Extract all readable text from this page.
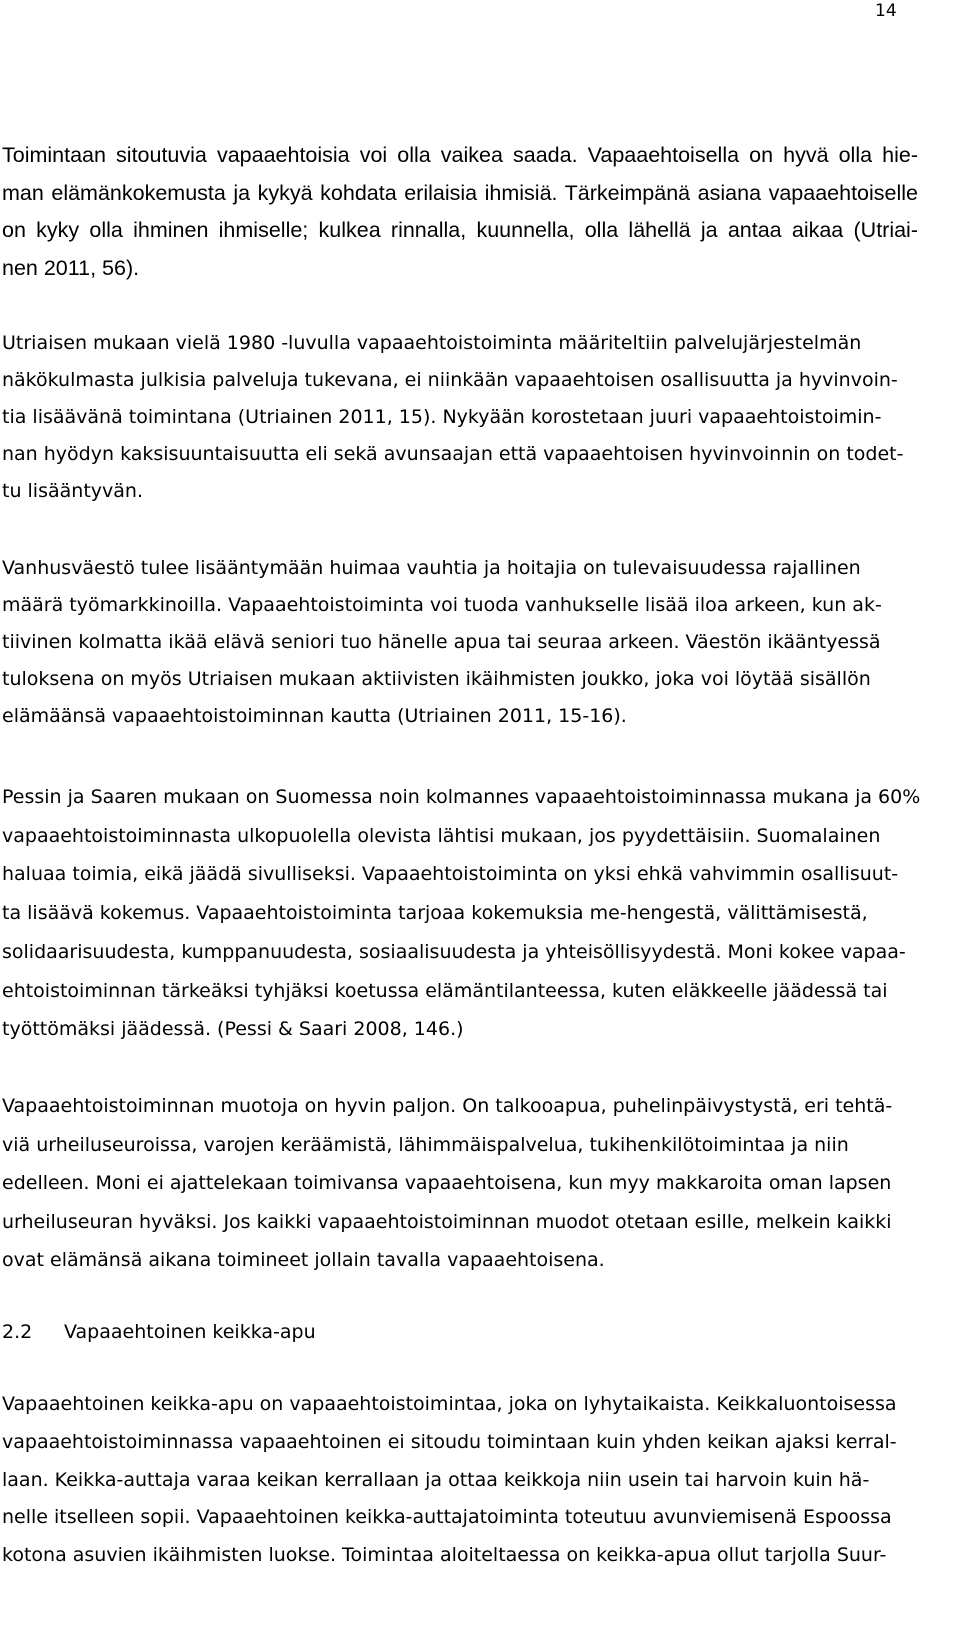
14
Toimintaan sitoutuvia vapaaehtoisia voi olla vaikea saada. Vapaaehtoisella on hyvä olla hie-
man elämänkokemusta ja kykyä kohdata erilaisia ihmisiä. Tärkeimpänä asiana vapaaehtoiselle
on kyky olla ihminen ihmiselle; kulkea rinnalla, kuunnella, olla lähellä ja antaa aikaa (Utriai-
nen 2011, 56).
Utriaisen mukaan vielä 1980 -luvulla vapaaehtoistoiminta määriteltiin palvelujärjestelmän
näkökulmasta julkisia palveluja tukevana, ei niinkään vapaaehtoisen osallisuutta ja hyvinvoin-
tia lisäävänä toimintana (Utriainen 2011, 15). Nykyään korostetaan juuri vapaaehtoistoimin-
nan hyödyn kaksisuuntaisuutta eli sekä avunsaajan että vapaaehtoisen hyvinvoinnin on todet-
tu lisääntyvän.
Vanhusväestö tulee lisääntymään huimaa vauhtia ja hoitajia on tulevaisuudessa rajallinen
määrä työmarkkinoilla. Vapaaehtoistoiminta voi tuoda vanhukselle lisää iloa arkeen, kun ak-
tiivinen kolmatta ikää elävä seniori tuo hänelle apua tai seuraa arkeen. Väestön ikääntyessä
tuloksena on myös Utriaisen mukaan aktiivisten ikäihmisten joukko, joka voi löytää sisällön
elämäänsä vapaaehtoistoiminnan kautta (Utriainen 2011, 15-16).
Pessin ja Saaren mukaan on Suomessa noin kolmannes vapaaehtoistoiminnassa mukana ja 60%
vapaaehtoistoiminnasta ulkopuolella olevista lähtisi mukaan, jos pyydettäisiin. Suomalainen
haluaa toimia, eikä jäädä sivulliseksi. Vapaaehtoistoiminta on yksi ehkä vahvimmin osallisuut-
ta lisäävä kokemus. Vapaaehtoistoiminta tarjoaa kokemuksia me-hengestä, välittämisestä,
solidaarisuudesta, kumppanuudesta, sosiaalisuudesta ja yhteisöllisyydestä. Moni kokee vapaa-
ehtoistoiminnan tärkeäksi tyhjäksi koetussa elämäntilanteessa, kuten eläkkeelle jäädessä tai
työttömäksi jäädessä. (Pessi & Saari 2008, 146.)
Vapaaehtoistoiminnan muotoja on hyvin paljon. On talkooapua, puhelinpäivystystä, eri tehtä-
viä urheiluseuroissa, varojen keräämistä, lähimmäispalvelua, tukihenkilötoimintaa ja niin
edelleen. Moni ei ajattelekaan toimivansa vapaaehtoisena, kun myy makkaroita oman lapsen
urheiluseuran hyväksi. Jos kaikki vapaaehtoistoiminnan muodot otetaan esille, melkein kaikki
ovat elämänsä aikana toimineet jollain tavalla vapaaehtoisena.
2.2 Vapaaehtoinen keikka-apu
Vapaaehtoinen keikka-apu on vapaaehtoistoimintaa, joka on lyhytaikaista. Keikkaluontoisessa
vapaaehtoistoiminnassa vapaaehtoinen ei sitoudu toimintaan kuin yhden keikan ajaksi kerral-
laan. Keikka-auttaja varaa keikan kerrallaan ja ottaa keikkoja niin usein tai harvoin kuin hä-
nelle itselleen sopii. Vapaaehtoinen keikka-auttajatoiminta toteutuu avunviemisenä Espoossa
kotona asuvien ikäihmisten luokse. Toimintaa aloiteltaessa on keikka-apua ollut tarjolla Suur-
